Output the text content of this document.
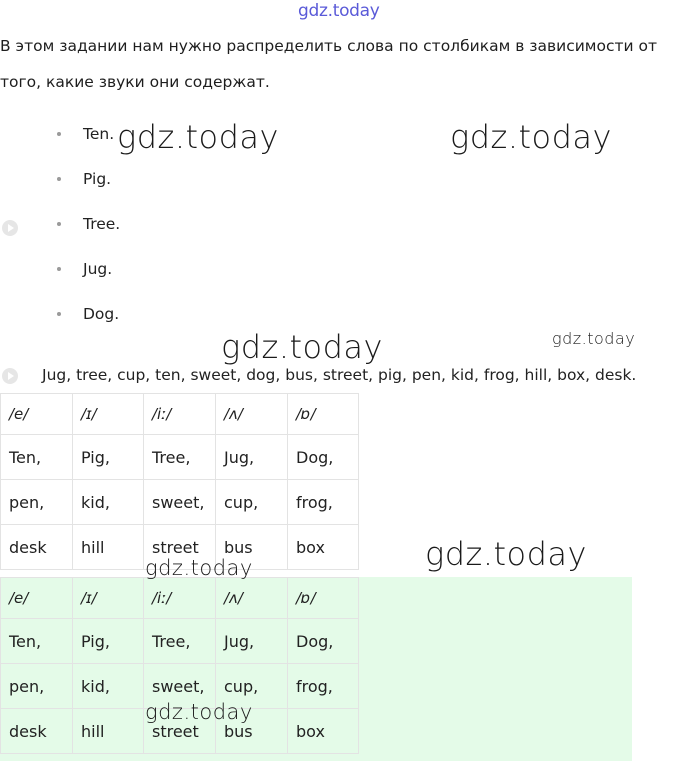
gdz.today
В этом задании нам нужно распределить слова по столбикам в зависимости от того, какие звуки они содержат.
Ten.
Pig.
Tree.
Jug.
Dog.
Jug, tree, cup, ten, sweet, dog, bus, street, pig, pen, kid, frog, hill, box, desk.
/e/	/ɪ/	/iː/	/ʌ/	/ɒ/
Ten,	Pig,	Tree,	Jug,	Dog,
pen,	kid,	sweet,	cup,	frog,
desk	hill	street	bus	box
/e/	/ɪ/	/iː/	/ʌ/	/ɒ/
Ten,	Pig,	Tree,	Jug,	Dog,
pen,	kid,	sweet,	cup,	frog,
desk	hill	street	bus	box
gdz.today	gdz.today
gdz.today	gdz.today
gdz.today
gdz.today
gdz.today
